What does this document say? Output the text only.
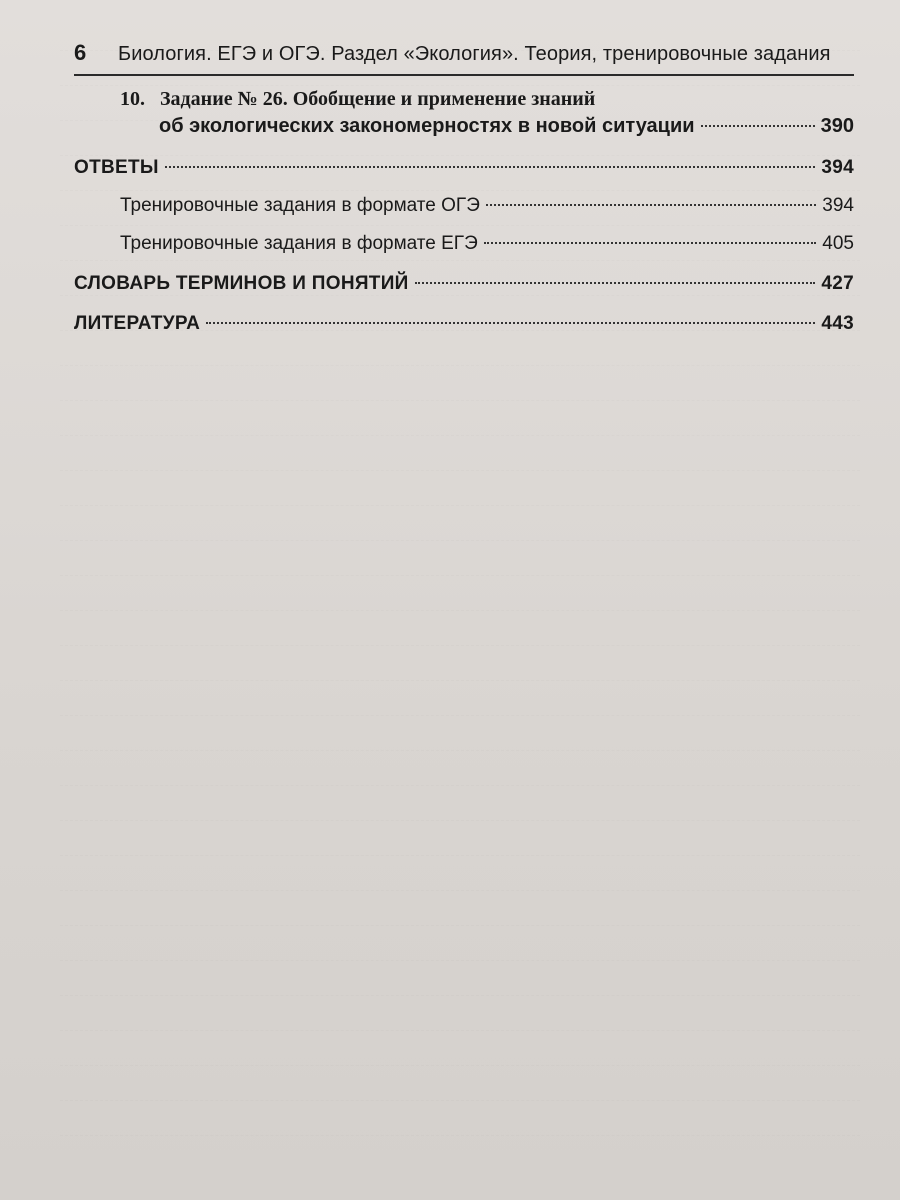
6	Биология. ЕГЭ и ОГЭ. Раздел «Экология». Теория, тренировочные задания
10. Задание № 26. Обобщение и применение знаний
об экологических закономерностях в новой ситуации	390
ОТВЕТЫ	394
Тренировочные задания в формате ОГЭ	394
Тренировочные задания в формате ЕГЭ	405
СЛОВАРЬ ТЕРМИНОВ И ПОНЯТИЙ	427
ЛИТЕРАТУРА	443
